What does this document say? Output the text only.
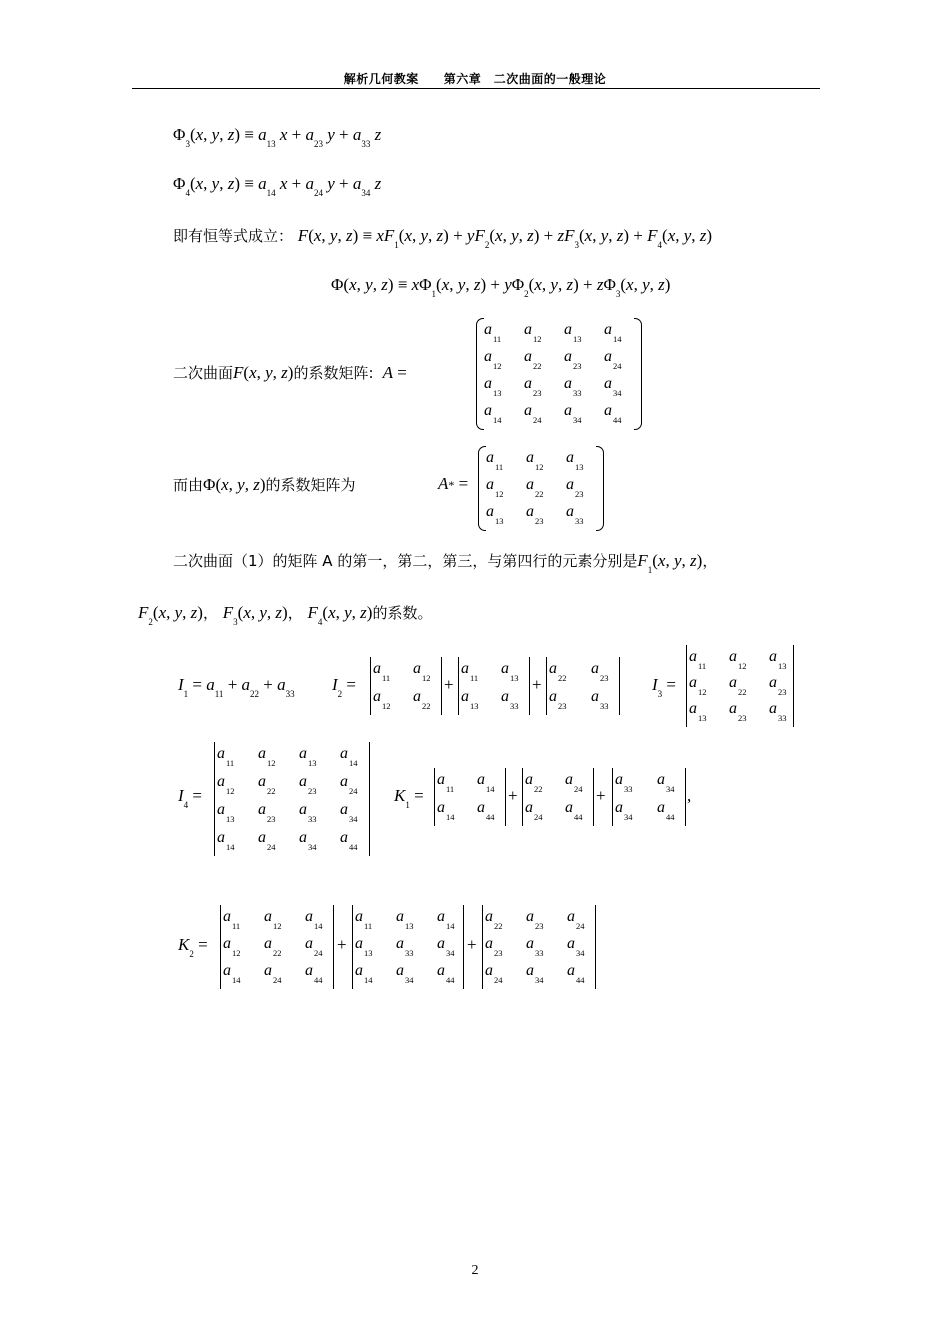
解析几何教案   第六章  二次曲面的一般理论
$\Phi_3(x$, y, $z) \equiv a_{13}$ $x + a_{23}$ $y + a_{33}$ z
$\Phi_4(x$, y, $z) \equiv a_{14}$ $x + a_{24}$ $y + a_{34}$ z
即有恒等式成立： F(x, y, $z) \equiv xF_1(x$, y, $z) + yF_2(x$, y, $z) + zF_3(x$, y, $z) + F_4(x$, y, z)
Φ(x, y, $z) \equiv x\Phi_1(x$, y, $z) + y\Phi_2(x$, y, $z) + z\Phi_3(x$, y, z)
二次曲面F(x, y, z)的系数矩阵:  A =
$a_{11}$
$a_{12}$
$a_{13}$
$a_{14}$
$a_{12}$
$a_{22}$
$a_{23}$
$a_{24}$
$a_{13}$
$a_{23}$
$a_{33}$
$a_{34}$
$a_{14}$
$a_{24}$
$a_{34}$
$a_{44}$
而由Φ(x, y, z)的系数矩阵为	A* =
$a_{11}$
$a_{12}$
$a_{13}$
$a_{12}$
$a_{22}$
$a_{23}$
$a_{13}$
$a_{23}$
$a_{33}$
二次曲面（1）的矩阵 A 的第一，第二，第三，与第四行的元素分别是$F_1(x$, y, z)，
$F_2(x$, y, z)， $F_3(x$, y, z)， $F_4(x$, y, z)的系数。
$I_1 = a_{11} + a_{22} + a_{33}$ $I_2$ =
$a_{11}$
$a_{12}$
$a_{12}$
$a_{22}$
+
$a_{11}$
$a_{13}$
$a_{13}$
$a_{33}$
+
$a_{22}$
$a_{23}$
$a_{23}$
$a_{33}$
$I_3$ =
$a_{11}$
$a_{12}$
$a_{13}$
$a_{12}$
$a_{22}$
$a_{23}$
$a_{13}$
$a_{23}$
$a_{33}$
$I_4$ =
$a_{11}$
$a_{12}$
$a_{13}$
$a_{14}$
$a_{12}$
$a_{22}$
$a_{23}$
$a_{24}$
$a_{13}$
$a_{23}$
$a_{33}$
$a_{34}$
$a_{14}$
$a_{24}$
$a_{34}$
$a_{44}$
$K_1$ =
$a_{11}$
$a_{14}$
$a_{14}$
$a_{44}$
+
$a_{22}$
$a_{24}$
$a_{24}$
$a_{44}$
+
$a_{33}$
$a_{34}$
$a_{34}$
$a_{44}$
,
$K_2$ =
$a_{11}$
$a_{12}$
$a_{14}$
$a_{12}$
$a_{22}$
$a_{24}$
$a_{14}$
$a_{24}$
$a_{44}$
+
$a_{11}$
$a_{13}$
$a_{14}$
$a_{13}$
$a_{33}$
$a_{34}$
$a_{14}$
$a_{34}$
$a_{44}$
+
$a_{22}$
$a_{23}$
$a_{24}$
$a_{23}$
$a_{33}$
$a_{34}$
$a_{24}$
$a_{34}$
$a_{44}$
2
